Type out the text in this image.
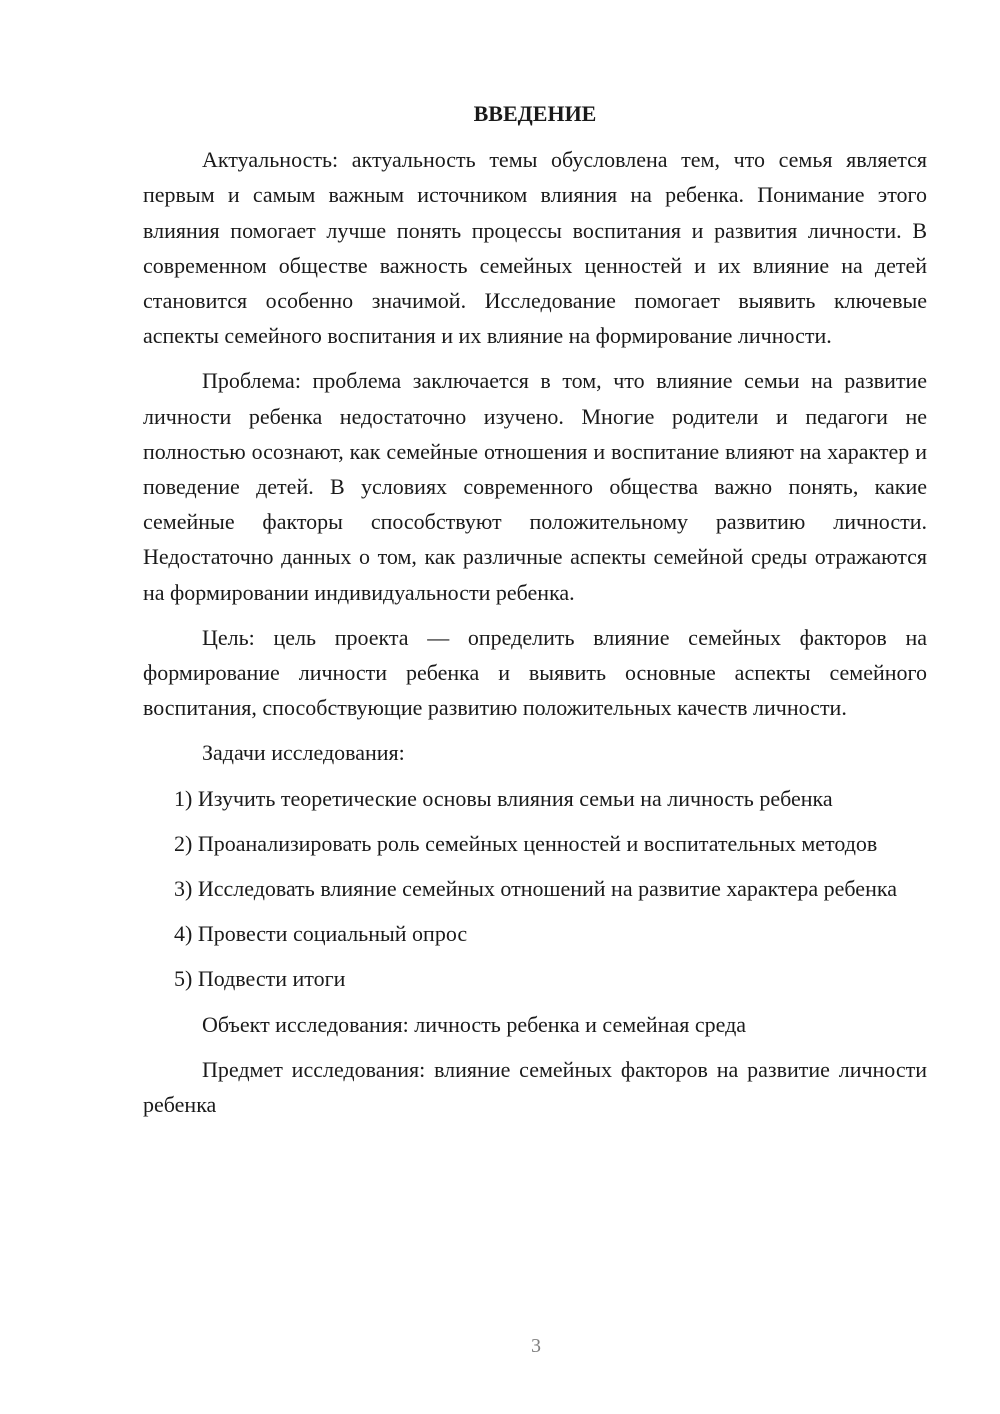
ВВЕДЕНИЕ

Актуальность: актуальность темы обусловлена тем, что семья является первым и самым важным источником влияния на ребенка. Понимание этого влияния помогает лучше понять процессы воспитания и развития личности. В современном обществе важность семейных ценностей и их влияние на детей становится особенно значимой. Исследование помогает выявить ключевые аспекты семейного воспитания и их влияние на формирование личности.

Проблема: проблема заключается в том, что влияние семьи на развитие личности ребенка недостаточно изучено. Многие родители и педагоги не полностью осознают, как семейные отношения и воспитание влияют на характер и поведение детей. В условиях современного общества важно понять, какие семейные факторы способствуют положительному развитию личности. Недостаточно данных о том, как различные аспекты семейной среды отражаются на формировании индивидуальности ребенка.

Цель: цель проекта — определить влияние семейных факторов на формирование личности ребенка и выявить основные аспекты семейного воспитания, способствующие развитию положительных качеств личности.

Задачи исследования:

1) Изучить теоретические основы влияния семьи на личность ребенка

2) Проанализировать роль семейных ценностей и воспитательных методов

3) Исследовать влияние семейных отношений на развитие характера ребенка

4) Провести социальный опрос

5) Подвести итоги

Объект исследования: личность ребенка и семейная среда

Предмет исследования: влияние семейных факторов на развитие личности ребенка

3
